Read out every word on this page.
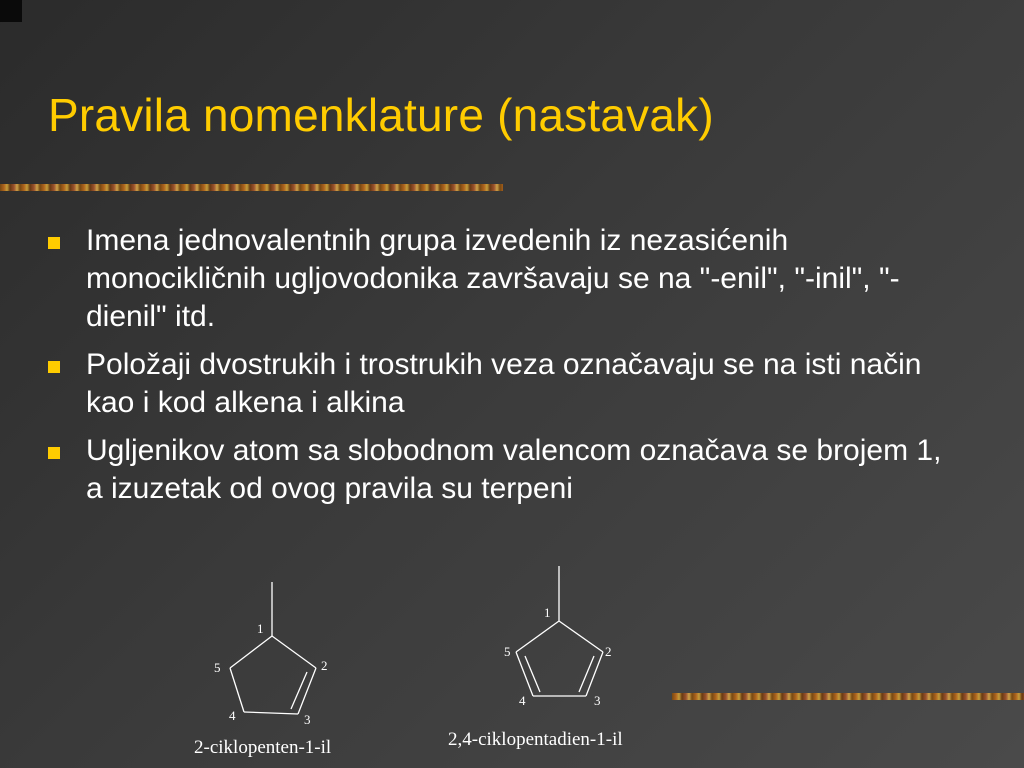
Pravila nomenklature (nastavak)
Imena jednovalentnih grupa izvedenih iz nezasićenih monocikličnih ugljovodonika završavaju se na "-enil", "-inil", "-dienil" itd.
Položaji dvostrukih i trostrukih veza označavaju se na isti način kao i kod alkena i alkina
Ugljenikov atom sa slobodnom valencom označava se brojem 1, a izuzetak od ovog pravila su terpeni
1
2
3
4
5
2-ciklopenten-1-il
1
2
3
4
5
2,4-ciklopentadien-1-il
